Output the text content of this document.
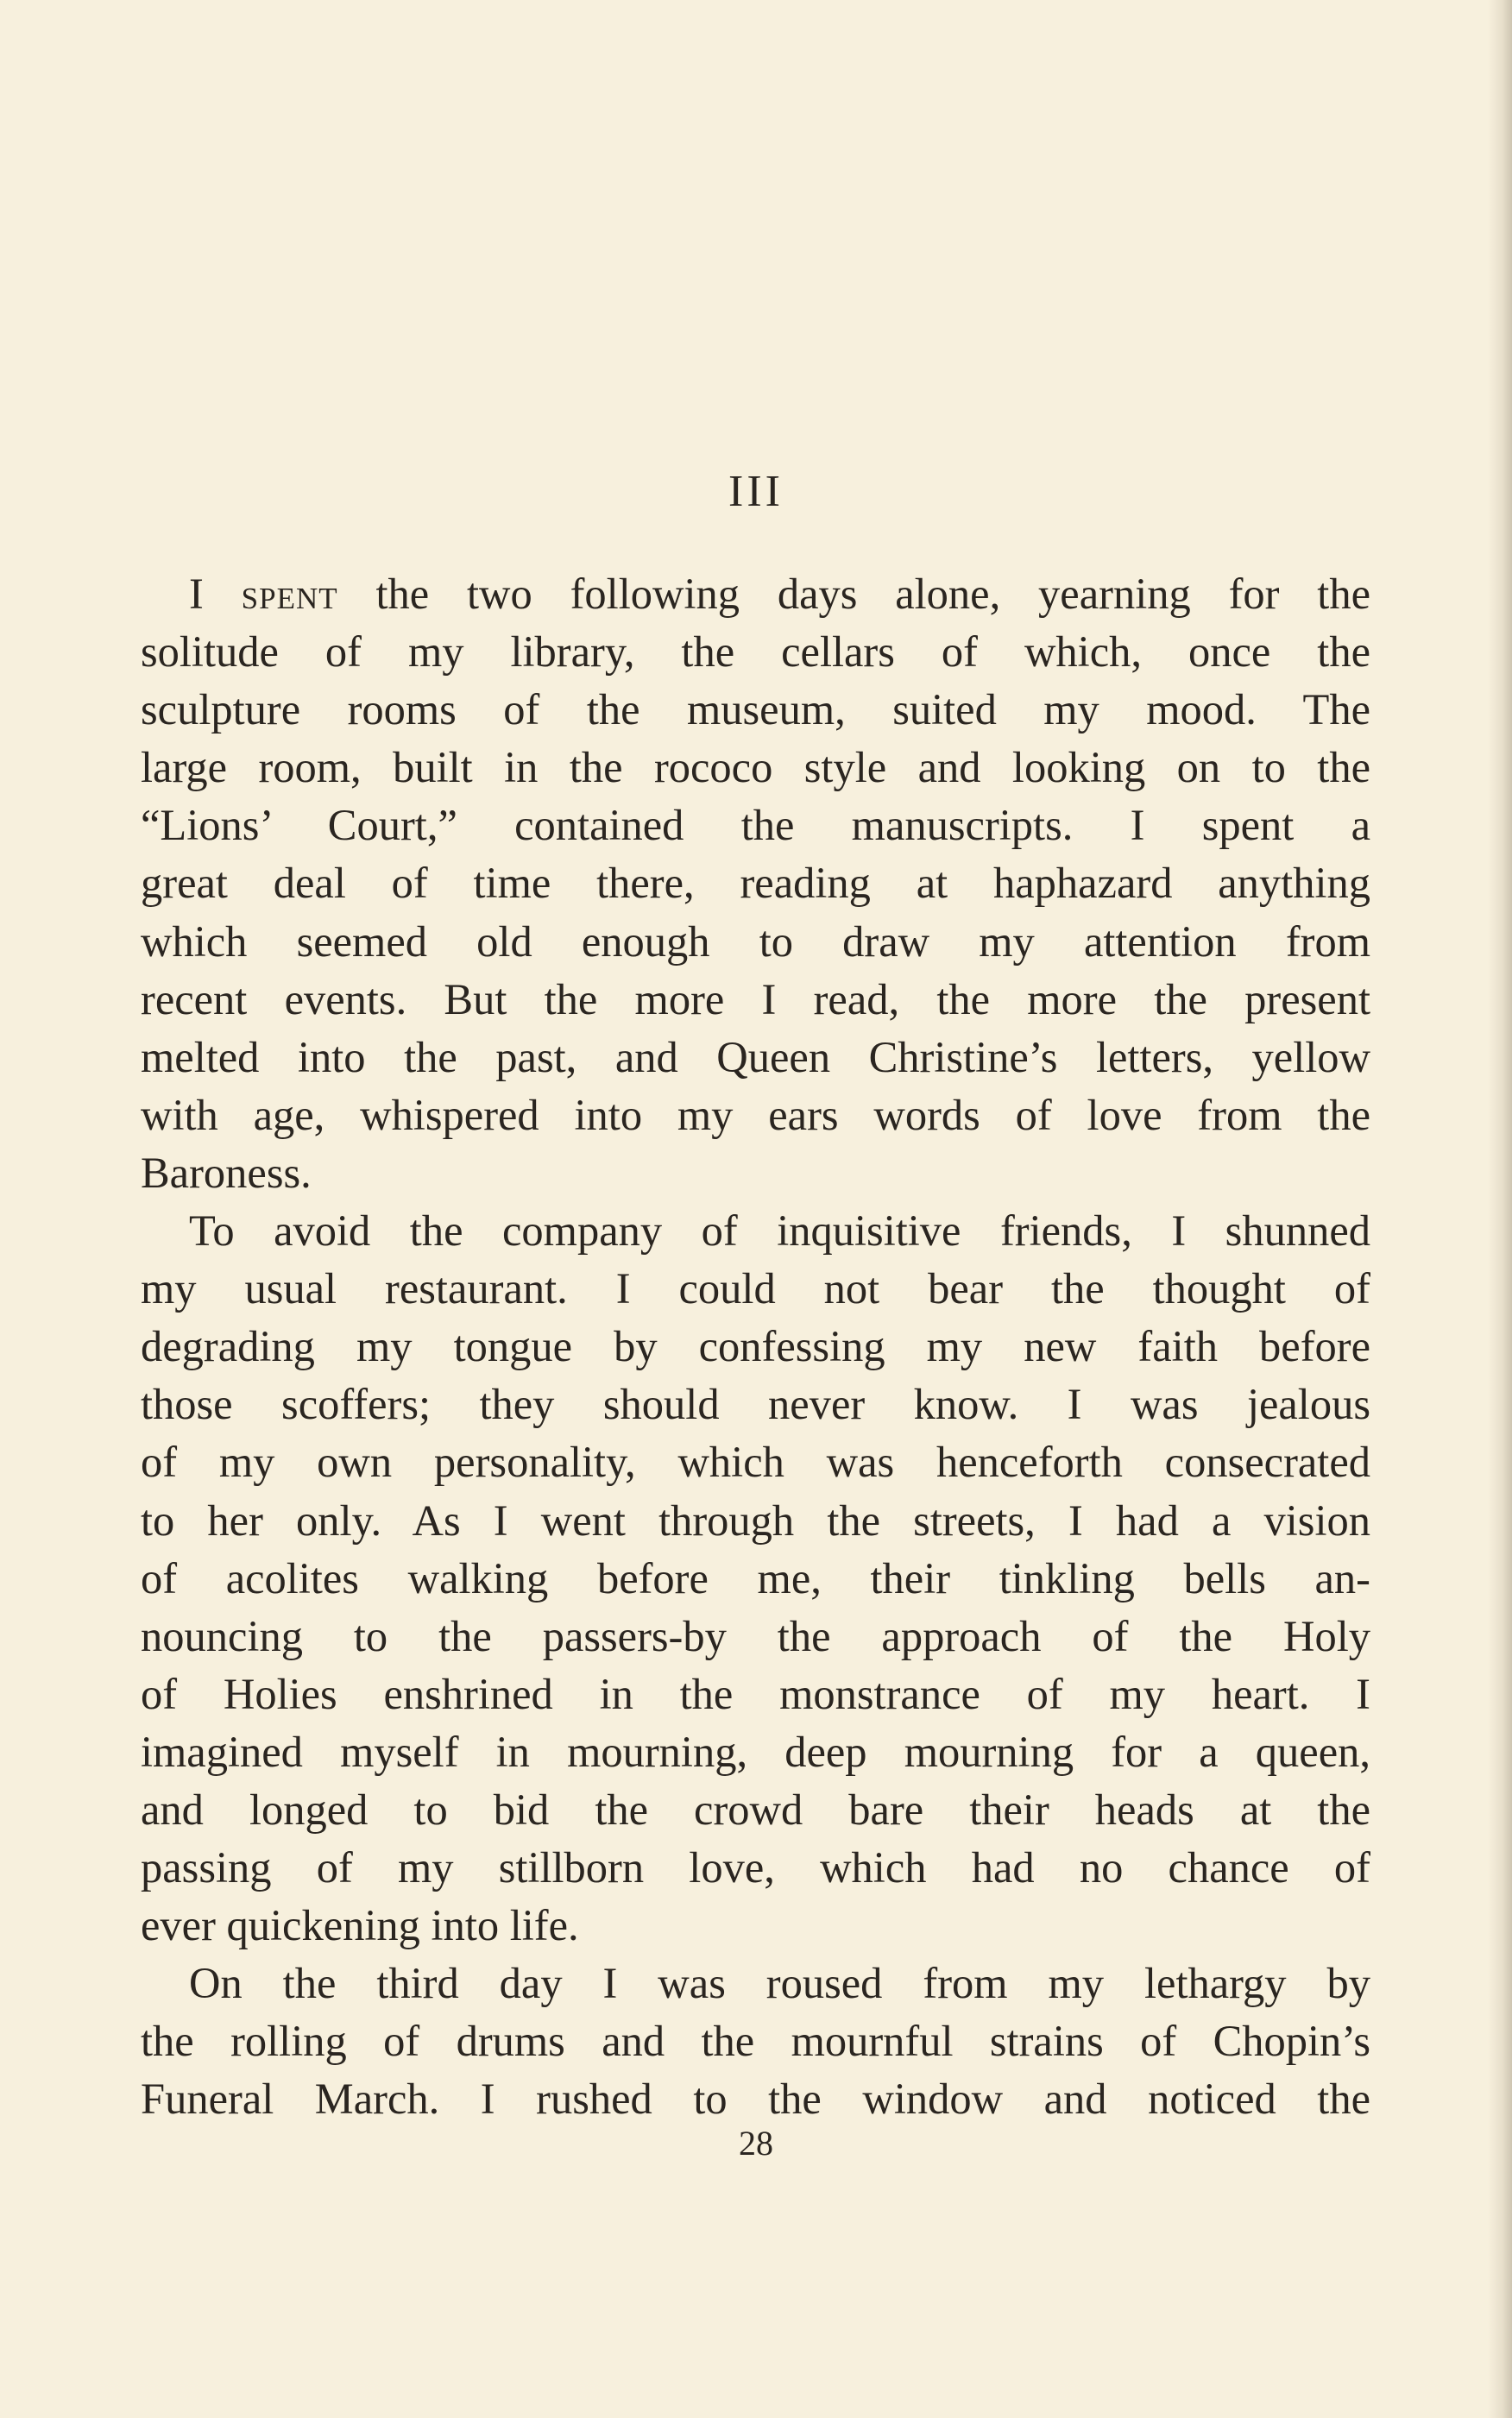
III
I spent the two following days alone, yearning for the
solitude of my library, the cellars of which, once the
sculpture rooms of the museum, suited my mood. The
large room, built in the rococo style and looking on to the
“Lions’ Court,” contained the manuscripts. I spent a
great deal of time there, reading at haphazard anything
which seemed old enough to draw my attention from
recent events. But the more I read, the more the present
melted into the past, and Queen Christine’s letters, yellow
with age, whispered into my ears words of love from the
Baroness.
To avoid the company of inquisitive friends, I shunned
my usual restaurant. I could not bear the thought of
degrading my tongue by confessing my new faith before
those scoffers; they should never know. I was jealous
of my own personality, which was henceforth consecrated
to her only. As I went through the streets, I had a vision
of acolites walking before me, their tinkling bells an-
nouncing to the passers-by the approach of the Holy
of Holies enshrined in the monstrance of my heart. I
imagined myself in mourning, deep mourning for a queen,
and longed to bid the crowd bare their heads at the
passing of my stillborn love, which had no chance of
ever quickening into life.
On the third day I was roused from my lethargy by
the rolling of drums and the mournful strains of Chopin’s
Funeral March. I rushed to the window and noticed the
28
